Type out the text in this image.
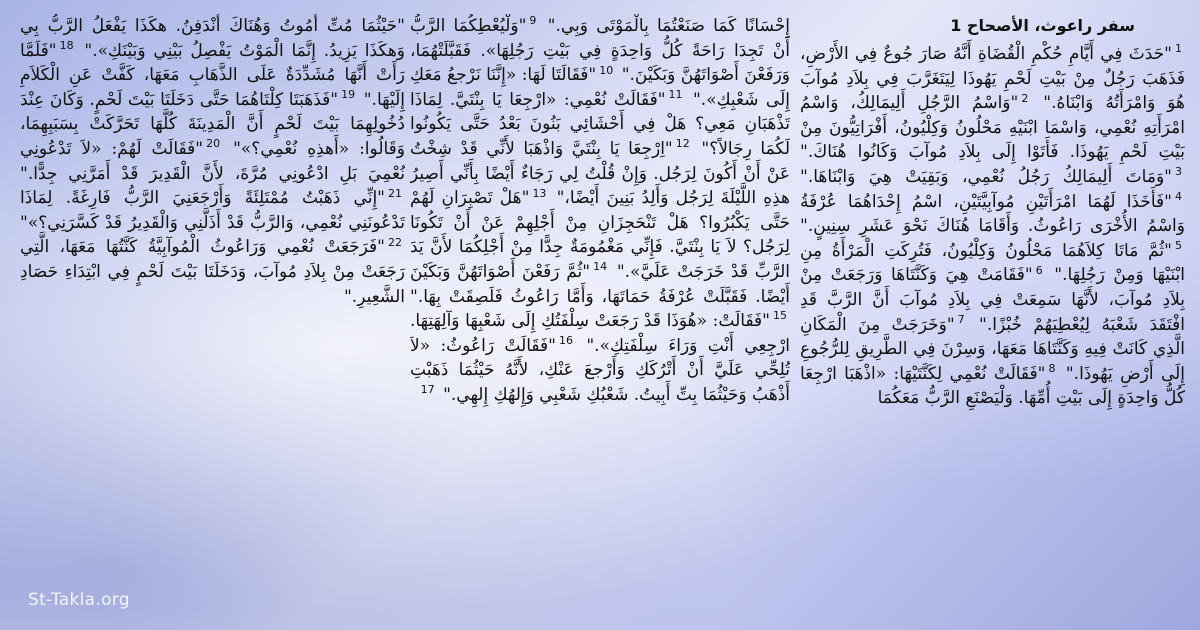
سفر راعوث، الأصحاح 1
$^1$"حَدَثَ فِي أَيَّامِ حُكْمِ الْقُضَاةِ أَنَّهُ صَارَ جُوعٌ فِي الأَرْضِ، فَذَهَبَ رَجُلٌ مِنْ بَيْتِ لَحْمِ يَهُوذَا لِيَتَغَرَّبَ فِي بِلاَدِ مُوآبَ هُوَ وَامْرَأَتُهُ وَابْنَاهُ." $^2$"وَاسْمُ الرَّجُلِ أَلِيمَالِكُ، وَاسْمُ امْرَأَتِهِ نُعْمِي، وَاسْمَا ابْنَيْهِ مَحْلُونُ وَكِلْيُونُ، أَفْرَاتِيُّونَ مِنْ بَيْتِ لَحْمِ يَهُوذَا. فَأَتَوْا إِلَى بِلاَدِ مُوآبَ وَكَانُوا هُنَاكَ." $^3$"وَمَاتَ أَلِيمَالِكُ رَجُلُ نُعْمِي، وَبَقِيَتْ هِيَ وَابْنَاهَا." $^4$"فَأَخَذَا لَهُمَا امْرَأَتَيْنِ مُوآبِيَّتَيْنِ، اسْمُ إِحْدَاهُمَا عُرْفَةُ وَاسْمُ الأُخْرَى رَاعُوثُ. وَأَقَامَا هُنَاكَ نَحْوَ عَشَرِ سِنِينٍ." $^5$"ثُمَّ مَاتَا كِلاَهُمَا مَحْلُونُ وَكِلْيُونُ، فَتُرِكَتِ الْمَرْأَةُ مِنِ ابْنَيْهَا وَمِنْ رَجُلِهَا." $^6$"فَقَامَتْ هِيَ وَكَنَّتَاهَا وَرَجَعَتْ مِنْ بِلاَدِ مُوآبَ، لأَنَّهَا سَمِعَتْ فِي بِلاَدِ مُوآبَ أَنَّ الرَّبَّ قَدِ افْتَقَدَ شَعْبَهُ لِيُعْطِيَهُمْ خُبْزًا." $^7$"وَخَرَجَتْ مِنَ الْمَكَانِ الَّذِي كَانَتْ فِيهِ وَكَنَّتَاهَا مَعَهَا، وَسِرْنَ فِي الطَّرِيقِ لِلرُّجُوعِ إِلَى أَرْضِ يَهُوذَا." $^8$"فَقَالَتْ نُعْمِي لِكَنَّتَيْهَا: «اذْهَبَا ارْجِعَا كُلُّ وَاحِدَةٍ إِلَى بَيْتِ أُمِّهَا. وَلْيَصْنَعِ الرَّبُّ مَعَكُمَا
إِحْسَانًا كَمَا صَنَعْتُمَا بِالْمَوْتَى وَبِي." $^9$"وَلْيُعْطِكُمَا الرَّبُّ أَنْ تَجِدَا رَاحَةً كُلُّ وَاحِدَةٍ فِي بَيْتِ رَجُلِهَا». فَقَبَّلَتْهُمَا، وَرَفَعْنَ أَصْوَاتَهُنَّ وَبَكَيْنَ." $^{10}$"فَقَالَتَا لَهَا: «إِنَّنَا نَرْجعُ مَعَكِ إِلَى شَعْبِكِ»." $^{11}$"فَقَالَتْ نُعْمِي: «ارْجِعَا يَا بِنْتَيَّ. لِمَاذَا تَذْهَبَانِ مَعِي؟ هَلْ فِي أَحْشَائِي بَنُونَ بَعْدُ حَتَّى يَكُونُوا لَكُمَا رِجَالاً؟" $^{12}$"اِرْجِعَا يَا بِنْتَيَّ وَاذْهَبَا لأَنِّي قَدْ شِخْتُ عَنْ أَنْ أَكُونَ لِرَجُل. وَإِنْ قُلْتُ لِي رَجَاءٌ أَيْضًا بِأَنِّي أَصِيرُ هذِهِ اللَّيْلَةَ لِرَجُل وَأَلِدُ بَنِينَ أَيْضًا،" $^{13}$"هَلْ تَصْبِرَانِ لَهُمْ حَتَّى يَكْبُرُوا؟ هَلْ تَنْحَجِزَانِ مِنْ أَجْلِهِمْ عَنْ أَنْ تَكُونَا لِرَجُل؟ لاَ يَا بِنْتَيَّ. فَإِنِّي مَغْمُومَةٌ جِدًّا مِنْ أَجْلِكُمَا لأَنَّ يَدَ الرَّبِّ قَدْ خَرَجَتْ عَلَيَّ»." $^{14}$"ثُمَّ رَفَعْنَ أَصْوَاتَهُنَّ وَبَكَيْنَ أَيْضًا. فَقَبَّلَتْ عُرْفَةُ حَمَاتَهَا، وَأَمَّا رَاعُوثُ فَلَصِقَتْ بِهَا." $^{15}$"فَقَالَتْ: «هُوَذَا قَدْ رَجَعَتْ سِلْفَتُكِ إِلَى شَعْبِهَا وَآلِهَتِهَا. ارْجِعِي أَنْتِ وَرَاءَ سِلْفَتِكِ»." $^{16}$"فَقَالَتْ رَاعُوثُ: «لاَ تُلِحِّي عَلَيَّ أَنْ أَتْرُكَكِ وَأَرْجعَ عَنْكِ، لأَنَّهُ حَيْثُمَا ذَهَبْتِ أَذْهَبُ وَحَيْثُمَا بِتِّ أَبِيتُ. شَعْبُكِ شَعْبِي وَإِلهُكِ إِلهِي." $^{17}$
"حَيْثُمَا مُتِّ أَمُوتُ وَهُنَاكَ أَنْدَفِنُ. هكَذَا يَفْعَلُ الرَّبُّ بِي وَهكَذَا يَزِيدُ. إِنَّمَا الْمَوْتُ يَفْصِلُ بَيْنِي وَبَيْنَكِ»." $^{18}$"فَلَمَّا رَأَتْ أَنَّهَا مُشَدِّدَةٌ عَلَى الذَّهَابِ مَعَهَا، كَفَّتْ عَنِ الْكَلاَمِ إِلَيْهَا." $^{19}$"فَذَهَبَتَا كِلْتَاهُمَا حَتَّى دَخَلَتَا بَيْتَ لَحْمٍ. وَكَانَ عِنْدَ دُخُولِهِمَا بَيْتَ لَحْمٍ أَنَّ الْمَدِينَةَ كُلَّهَا تَحَرَّكَتْ بِسَبَبِهِمَا، وَقَالُوا: «أَهذِهِ نُعْمِي؟»" $^{20}$"فَقَالَتْ لَهُمْ: «لاَ تَدْعُونِي نُعْمِيَ بَلِ ادْعُونِي مُرَّةَ، لأَنَّ الْقَدِيرَ قَدْ أَمَرَّنِي جِدًّا." $^{21}$"إِنِّي ذَهَبْتُ مُمْتَلِئَةً وَأَرْجَعَنِيَ الرَّبُّ فَارِغَةً. لِمَاذَا تَدْعُونَنِي نُعْمِي، وَالرَّبُّ قَدْ أَذَلَّنِي وَالْقَدِيرُ قَدْ كَسَّرَنِي؟»" $^{22}$"فَرَجَعَتْ نُعْمِي وَرَاعُوثُ الْمُوآبِيَّةُ كَنَّتُهَا مَعَهَا، الَّتِي رَجَعَتْ مِنْ بِلاَدِ مُوآبَ، وَدَخَلَتَا بَيْتَ لَحْمٍ فِي ابْتِدَاءِ حَصَادِ الشَّعِيرِ."
St-Takla.org
